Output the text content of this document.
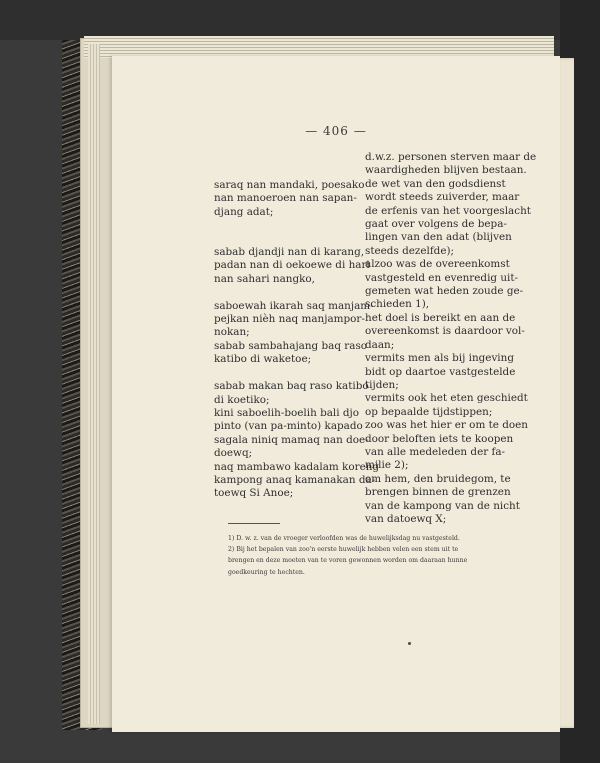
— 406 —
saraq nan mandaki, poesako
nan manoeroen nan sapan-
djang adat;

sabab djandji nan di karang,
padan nan di oekoewe di hari
nan sahari nangko,

saboewah ikarah saq manjam-
pejkan nièh naq manjampor-
nokan;
sabab sambahajang baq raso
katibo di waketoe;

sabab makan baq raso katibo
di koetiko;
kini saboelih-boelih bali djo
pinto (van pa-minto) kapado
sagala niniq mamaq nan doe-
doewq;
naq mambawo kadalam koreng
kampong anaq kamanakan da-
toewq Si Anoe;
d.w.z. personen sterven maar de
waardigheden blijven bestaan.
de wet van den godsdienst
wordt steeds zuiverder, maar
de erfenis van het voorgeslacht
gaat over volgens de bepa-
lingen van den adat (blijven
steeds dezelfde);
alzoo was de overeenkomst
vastgesteld en evenredig uit-
gemeten wat heden zoude ge-
schieden 1),
het doel is bereikt en aan de
overeenkomst is daardoor vol-
daan;
vermits men als bij ingeving
bidt op daartoe vastgestelde
tijden;
vermits ook het eten geschiedt
op bepaalde tijdstippen;
zoo was het hier er om te doen
door beloften iets te koopen
van alle medeleden der fa-
milie 2);
om hem, den bruidegom, te
brengen binnen de grenzen
van de kampong van de nicht
van datoewq X;
1) D. w. z. van de vroeger verloofden was de huwelijksdag nu vastgesteld.
2) Bij het bepalen van zoo'n eerste huwelijk hebben velen een stem uit te
brengen en deze moeten van te voren gewonnen worden om daaraan hunne
goedkeuring te hechten.
